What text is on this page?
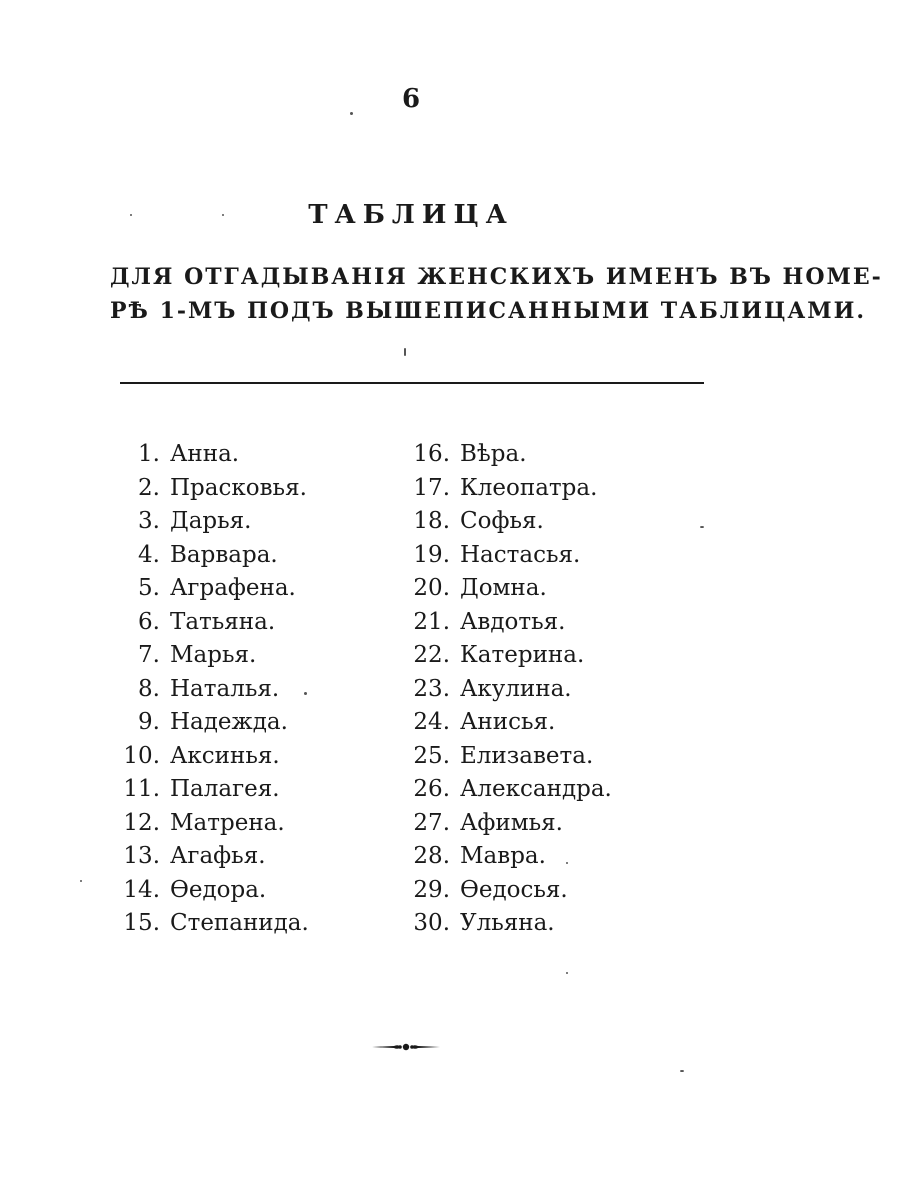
6
ТАБЛИЦА
ДЛЯ ОТГАДЫВАНІЯ ЖЕНСКИХЪ ИМЕНЪ ВЪ НОМЕ-
РѢ 1-МЪ ПОДЪ ВЫШЕПИСАННЫМИ ТАБЛИЦАМИ.
1. Анна.
2. Прасковья.
3. Дарья.
4. Варвара.
5. Аграфена.
6. Татьяна.
7. Марья.
8. Наталья.
9. Надежда.
10. Аксинья.
11. Палагея.
12. Матрена.
13. Агафья.
14. Ѳедора.
15. Степанида.
16. Вѣра.
17. Клеопатра.
18. Софья.
19. Настасья.
20. Домна.
21. Авдотья.
22. Катерина.
23. Акулина.
24. Анисья.
25. Елизавета.
26. Александра.
27. Афимья.
28. Мавра.
29. Ѳедосья.
30. Ульяна.
